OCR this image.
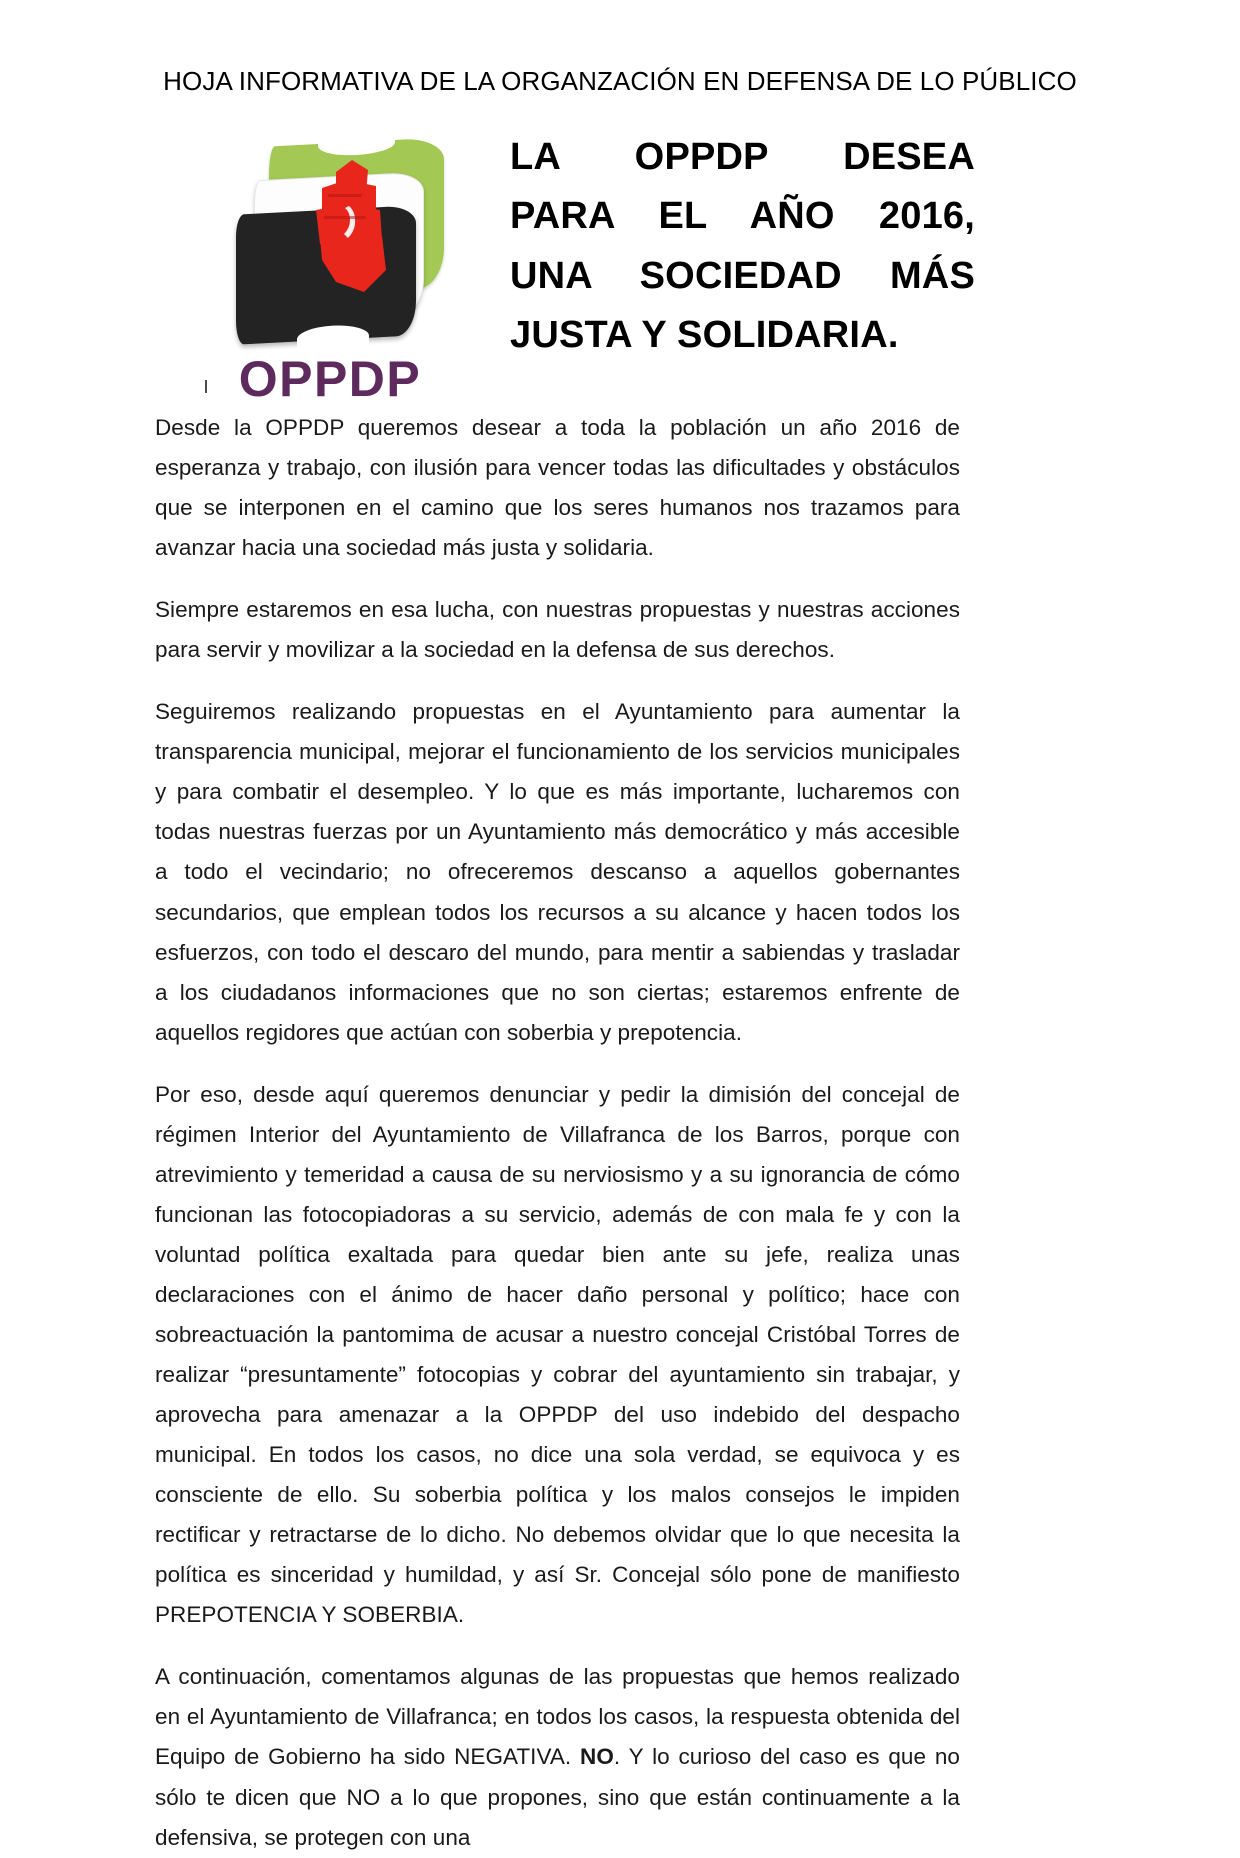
HOJA INFORMATIVA DE LA ORGANZACIÓN EN DEFENSA DE LO PÚBLICO
OPPDP
LA OPPDP DESEA
PARA EL AÑO 2016,
UNA SOCIEDAD MÁS
JUSTA Y SOLIDARIA.

Desde la OPPDP queremos desear a toda la población un año 2016 de esperanza y trabajo, con ilusión para vencer todas las dificultades y obstáculos que se interponen en el camino que los seres humanos nos trazamos para avanzar hacia una sociedad más justa y solidaria.

Siempre estaremos en esa lucha, con nuestras propuestas y nuestras acciones para servir y movilizar a la sociedad en la defensa de sus derechos.

Seguiremos realizando propuestas en el Ayuntamiento para aumentar la transparencia municipal, mejorar el funcionamiento de los servicios municipales y para combatir el desempleo. Y lo que es más importante, lucharemos con todas nuestras fuerzas por un Ayuntamiento más democrático y más accesible a todo el vecindario; no ofreceremos descanso a aquellos gobernantes secundarios, que emplean todos los recursos a su alcance y hacen todos los esfuerzos, con todo el descaro del mundo, para mentir a sabiendas y trasladar a los ciudadanos informaciones que no son ciertas; estaremos enfrente de aquellos regidores que actúan con soberbia y prepotencia.

Por eso, desde aquí queremos denunciar y pedir la dimisión del concejal de régimen Interior del Ayuntamiento de Villafranca de los Barros, porque con atrevimiento y temeridad a causa de su nerviosismo y a su ignorancia de cómo funcionan las fotocopiadoras a su servicio, además de con mala fe y con la voluntad política exaltada para quedar bien ante su jefe, realiza unas declaraciones con el ánimo de hacer daño personal y político; hace con sobreactuación la pantomima de acusar a nuestro concejal Cristóbal Torres de realizar “presuntamente” fotocopias y cobrar del ayuntamiento sin trabajar, y aprovecha para amenazar a la OPPDP del uso indebido del despacho municipal. En todos los casos, no dice una sola verdad, se equivoca y es consciente de ello. Su soberbia política y los malos consejos le impiden rectificar y retractarse de lo dicho. No debemos olvidar que lo que necesita la política es sinceridad y humildad, y así Sr. Concejal sólo pone de manifiesto PREPOTENCIA Y SOBERBIA.

A continuación, comentamos algunas de las propuestas que hemos realizado en el Ayuntamiento de Villafranca; en todos los casos, la respuesta obtenida del Equipo de Gobierno ha sido NEGATIVA. NO. Y lo curioso del caso es que no sólo te dicen que NO a lo que propones, sino que están continuamente a la defensiva, se protegen con una
